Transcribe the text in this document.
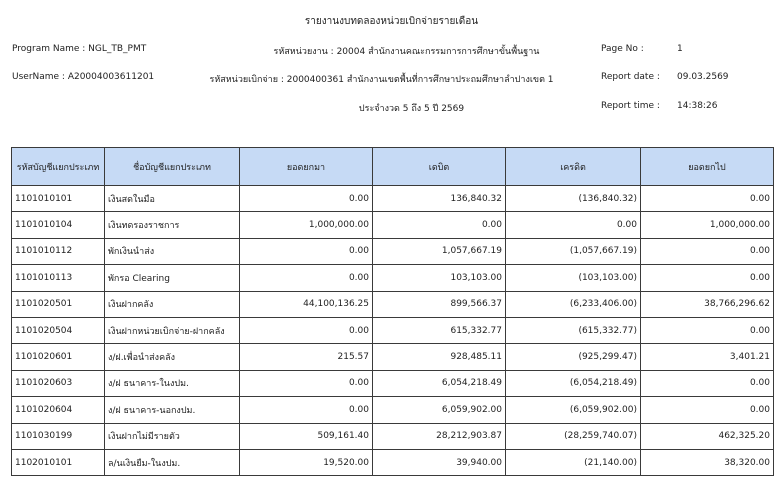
รายงานงบทดลองหน่วยเบิกจ่ายรายเดือน
Program Name : NGL_TB_PMT	รหัสหน่วยงาน : 20004 สำนักงานคณะกรรมการการศึกษาขั้นพื้นฐาน	Page No :	1
UserName : A20004003611201	รหัสหน่วยเบิกจ่าย : 2000400361 สำนักงานเขตพื้นที่การศึกษาประถมศึกษาลำปางเขต 1	Report date : 09.03.2569
ประจำงวด 5 ถึง 5 ปี 2569	Report time : 14:38:26
รหัสบัญชีแยกประเภท	ชื่อบัญชีแยกประเภท	ยอดยกมา	เดบิต	เครดิต	ยอดยกไป
1101010101	เงินสดในมือ	0.00	136,840.32	(136,840.32)	0.00
1101010104	เงินทดรองราชการ	1,000,000.00	0.00	0.00	1,000,000.00
1101010112	พักเงินนำส่ง	0.00	1,057,667.19	(1,057,667.19)	0.00
1101010113	พักรอ Clearing	0.00	103,103.00	(103,103.00)	0.00
1101020501	เงินฝากคลัง	44,100,136.25	899,566.37	(6,233,406.00)	38,766,296.62
1101020504	เงินฝากหน่วยเบิกจ่าย-ฝากคลัง	0.00	615,332.77	(615,332.77)	0.00
1101020601	ง/ฝ.เพื่อนำส่งคลัง	215.57	928,485.11	(925,299.47)	3,401.21
1101020603	ง/ฝ ธนาคาร-ในงปม.	0.00	6,054,218.49	(6,054,218.49)	0.00
1101020604	ง/ฝ ธนาคาร-นอกงปม.	0.00	6,059,902.00	(6,059,902.00)	0.00
1101030199	เงินฝากไม่มีรายตัว	509,161.40	28,212,903.87	(28,259,740.07)	462,325.20
1102010101	ล/นเงินยืม-ในงปม.	19,520.00	39,940.00	(21,140.00)	38,320.00
